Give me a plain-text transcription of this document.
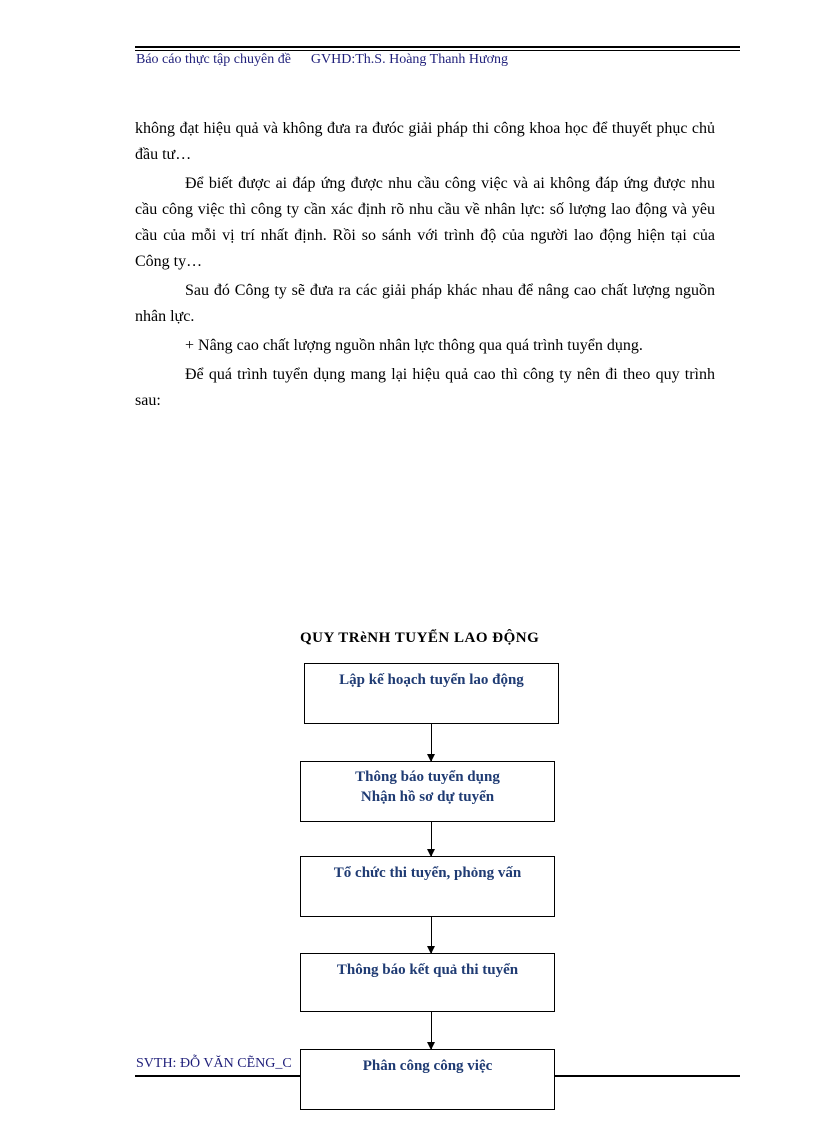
Báo cáo thực tập chuyên đề GVHD:Th.S. Hoàng Thanh Hương

không đạt hiệu quả và không đưa ra đưóc giải pháp thi công khoa học để thuyết phục chủ đầu tư…

Để biết được ai đáp ứng được nhu cầu công việc và ai không đáp ứng được nhu cầu công việc thì công ty cần xác định rõ nhu cầu về nhân lực: số lượng lao động và yêu cầu của mỗi vị trí nhất định. Rồi so sánh với trình độ của người lao động hiện tại của Công ty…

Sau đó Công ty sẽ đưa ra các giải pháp khác nhau để nâng cao chất lượng nguồn nhân lực.

+ Nâng cao chất lượng nguồn nhân lực thông qua quá trình tuyển dụng.

Để quá trình tuyển dụng mang lại hiệu quả cao thì công ty nên đi theo quy trình sau:

QUY TRèNH TUYỂN LAO ĐỘNG
Lập kế hoạch tuyển lao động
Thông báo tuyển dụng
Nhận hồ sơ dự tuyển
Tổ chức thi tuyển, phỏng vấn
Thông báo kết quả thi tuyển
SVTH: ĐỖ VĂN CẼNG_C	Phân công công việc
